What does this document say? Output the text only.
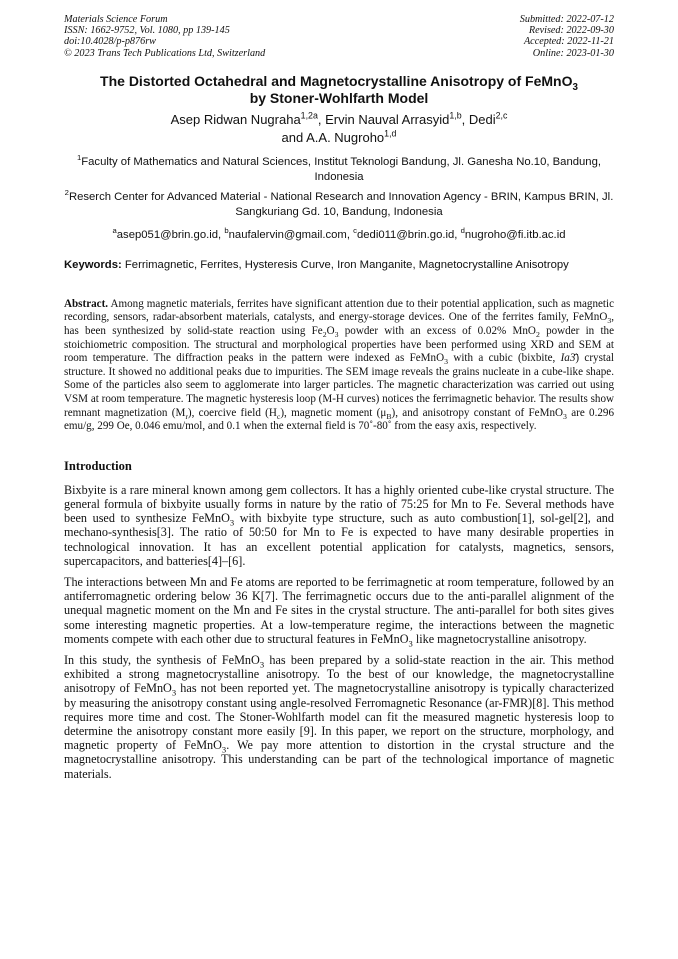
Materials Science Forum
ISSN: 1662-9752, Vol. 1080, pp 139-145
doi:10.4028/p-p876rw
© 2023 Trans Tech Publications Ltd, Switzerland
Submitted: 2022-07-12
Revised: 2022-09-30
Accepted: 2022-11-21
Online: 2023-01-30
The Distorted Octahedral and Magnetocrystalline Anisotropy of FeMnO$_3$
by Stoner-Wohlfarth Model
Asep Ridwan Nugraha$^{1,2a}$, Ervin Nauval Arrasyid$^{1,b}$, Dedi$^{2,c}$
and A.A. Nugroho$^{1,d}$
$^1$Faculty of Mathematics and Natural Sciences, Institut Teknologi Bandung, Jl. Ganesha No.10, Bandung, Indonesia
$^2$Reserch Center for Advanced Material - National Research and Innovation Agency - BRIN, Kampus BRIN, Jl. Sangkuriang Gd. 10, Bandung, Indonesia
$^a$asep051@brin.go.id, $^b$naufalervin@gmail.com, $^c$dedi011@brin.go.id, $^d$nugroho@fi.itb.ac.id
Keywords: Ferrimagnetic, Ferrites, Hysteresis Curve, Iron Manganite, Magnetocrystalline Anisotropy
Abstract. Among magnetic materials, ferrites have significant attention due to their potential application, such as magnetic recording, sensors, radar-absorbent materials, catalysts, and energy-storage devices. One of the ferrites family, FeMnO$_3$, has been synthesized by solid-state reaction using $Fe_2O_3$ powder with an excess of 0.02% MnO$_2$ powder in the stoichiometric composition. The structural and morphological properties have been performed using XRD and SEM at room temperature. The diffraction peaks in the pattern were indexed as FeMnO$_3$ with a cubic (bixbite, Ia3̄) crystal structure. It showed no additional peaks due to impurities. The SEM image reveals the grains nucleate in a cube-like shape. Some of the particles also seem to agglomerate into larger particles. The magnetic characterization was carried out using VSM at room temperature. The magnetic hysteresis loop (M-H curves) notices the ferrimagnetic behavior. The results show remnant magnetization $(M_r)$, coercive field $(H_c)$, magnetic moment $(\mu_B)$, and anisotropy constant of FeMnO$_3$ are 0.296 emu/g, 299 Oe, 0.046 emu/mol, and 0.1 when the external field is 70˚-80˚ from the easy axis, respectively.
Introduction
Bixbyite is a rare mineral known among gem collectors. It has a highly oriented cube-like crystal structure. The general formula of bixbyite usually forms in nature by the ratio of 75:25 for Mn to Fe. Several methods have been used to synthesize FeMnO$_3$ with bixbyite type structure, such as auto combustion[1], sol-gel[2], and mechano-synthesis[3]. The ratio of 50:50 for Mn to Fe is expected to have many desirable properties in technological innovation. It has an excellent potential application for catalysts, magnetics, sensors, supercapacitors, and batteries[4]–[6].
The interactions between Mn and Fe atoms are reported to be ferrimagnetic at room temperature, followed by an antiferromagnetic ordering below 36 K[7]. The ferrimagnetic occurs due to the anti-parallel alignment of the unequal magnetic moment on the Mn and Fe sites in the crystal structure. The anti-parallel for both sites gives some interesting magnetic properties. At a low-temperature regime, the interactions between the magnetic moments compete with each other due to structural features in FeMnO$_3$ like magnetocrystalline anisotropy.
In this study, the synthesis of FeMnO$_3$ has been prepared by a solid-state reaction in the air. This method exhibited a strong magnetocrystalline anisotropy. To the best of our knowledge, the magnetocrystalline anisotropy of FeMnO$_3$ has not been reported yet. The magnetocrystalline anisotropy is typically characterized by measuring the anisotropy constant using angle-resolved Ferromagnetic Resonance (ar-FMR)[8]. This method requires more time and cost. The Stoner-Wohlfarth model can fit the measured magnetic hysteresis loop to determine the anisotropy constant more easily [9]. In this paper, we report on the structure, morphology, and magnetic property of FeMnO$_3$. We pay more attention to distortion in the crystal structure and the magnetocrystalline anisotropy. This understanding can be part of the technological importance of magnetic materials.
